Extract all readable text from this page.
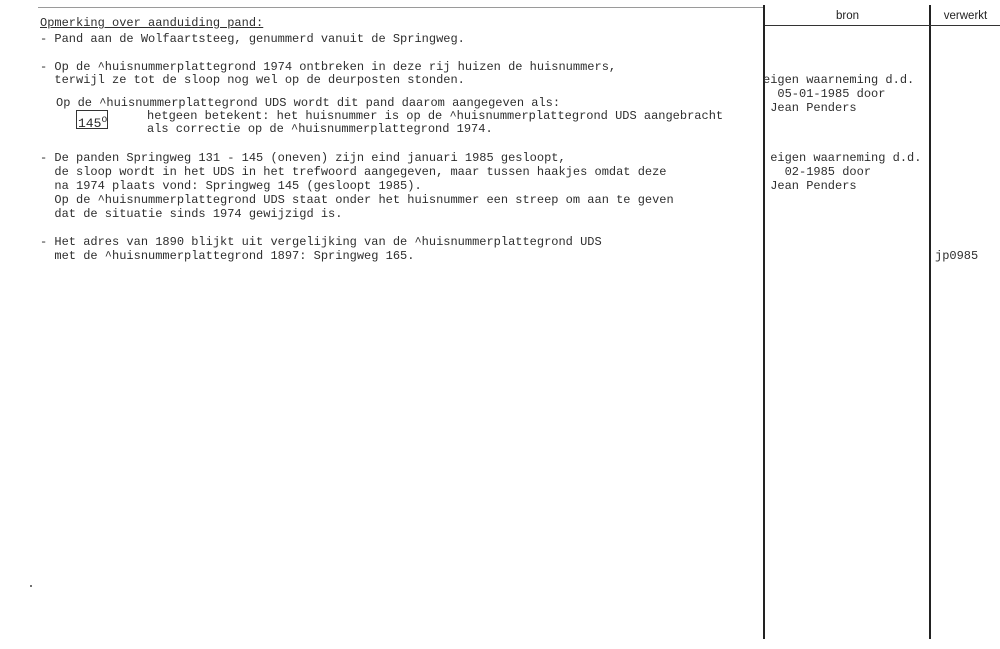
bron	verwerkt
Opmerking over aanduiding pand:
- Pand aan de Wolfaartsteeg, genummerd vanuit de Springweg.
- Op de ^huisnummerplattegrond 1974 ontbreken in deze rij huizen de huisnummers,
terwijl ze tot de sloop nog wel op de deurposten stonden.
Op de ^huisnummerplattegrond UDS wordt dit pand daarom aangegeven als:
145$^o$	hetgeen betekent: het huisnummer is op de ^huisnummerplattegrond UDS aangebracht
als correctie op de ^huisnummerplattegrond 1974.
- De panden Springweg 131 - 145 (oneven) zijn eind januari 1985 gesloopt,
de sloop wordt in het UDS in het trefwoord aangegeven, maar tussen haakjes omdat deze
na 1974 plaats vond: Springweg 145 (gesloopt 1985).
Op de ^huisnummerplattegrond UDS staat onder het huisnummer een streep om aan te geven
dat de situatie sinds 1974 gewijzigd is.
- Het adres van 1890 blijkt uit vergelijking van de ^huisnummerplattegrond UDS
met de ^huisnummerplattegrond 1897: Springweg 165.
eigen waarneming d.d.
05-01-1985 door
Jean Penders
eigen waarneming d.d.
02-1985 door
Jean Penders
jp0985
